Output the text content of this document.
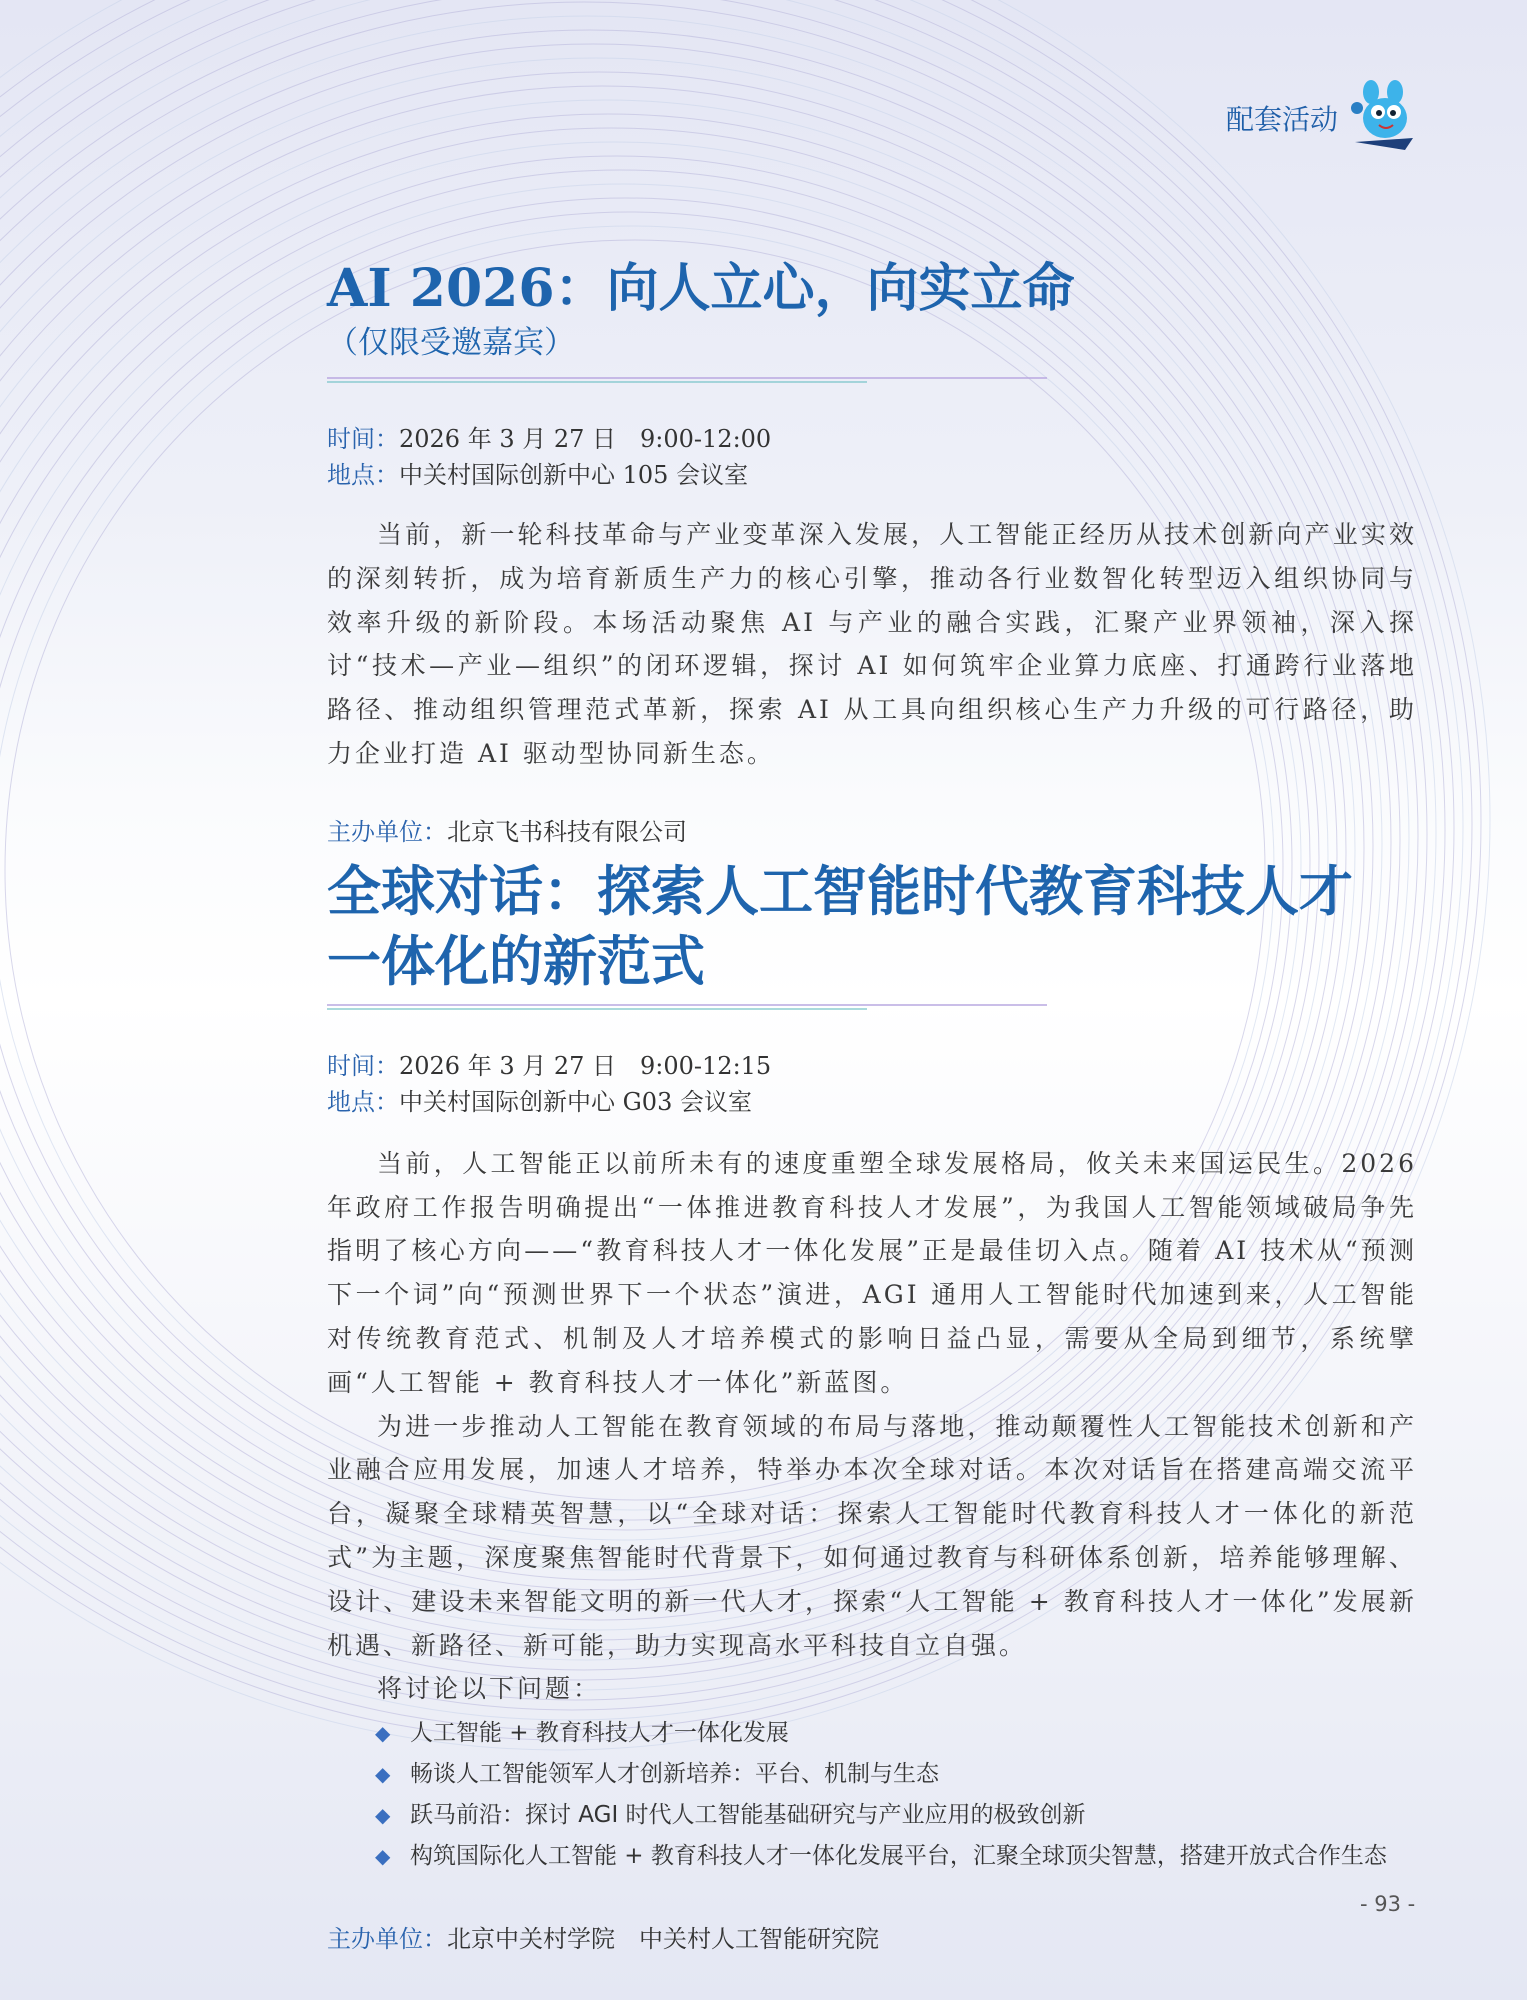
配套活动
AI 2026：向人立心，向实立命
（仅限受邀嘉宾）
时间：2026 年 3 月 27 日　9:00-12:00
地点：中关村国际创新中心 105 会议室
当前，新一轮科技革命与产业变革深入发展，人工智能正经历从技术创新向产业实效的深刻转折，成为培育新质生产力的核心引擎，推动各行业数智化转型迈入组织协同与效率升级的新阶段。本场活动聚焦 AI 与产业的融合实践，汇聚产业界领袖，深入探讨“技术—产业—组织”的闭环逻辑，探讨 AI 如何筑牢企业算力底座、打通跨行业落地路径、推动组织管理范式革新，探索 AI 从工具向组织核心生产力升级的可行路径，助力企业打造 AI 驱动型协同新生态。
主办单位：北京飞书科技有限公司
全球对话：探索人工智能时代教育科技人才
一体化的新范式
时间：2026 年 3 月 27 日　9:00-12:15
地点：中关村国际创新中心 G03 会议室
当前，人工智能正以前所未有的速度重塑全球发展格局，攸关未来国运民生。2026 年政府工作报告明确提出“一体推进教育科技人才发展”，为我国人工智能领域破局争先指明了核心方向——“教育科技人才一体化发展”正是最佳切入点。随着 AI 技术从“预测下一个词”向“预测世界下一个状态”演进，AGI 通用人工智能时代加速到来，人工智能对传统教育范式、机制及人才培养模式的影响日益凸显，需要从全局到细节，系统擘画“人工智能 + 教育科技人才一体化”新蓝图。
为进一步推动人工智能在教育领域的布局与落地，推动颠覆性人工智能技术创新和产业融合应用发展，加速人才培养，特举办本次全球对话。本次对话旨在搭建高端交流平台，凝聚全球精英智慧，以“全球对话：探索人工智能时代教育科技人才一体化的新范式”为主题，深度聚焦智能时代背景下，如何通过教育与科研体系创新，培养能够理解、设计、建设未来智能文明的新一代人才，探索“人工智能 + 教育科技人才一体化”发展新机遇、新路径、新可能，助力实现高水平科技自立自强。
将讨论以下问题：
◆ 人工智能 + 教育科技人才一体化发展
◆ 畅谈人工智能领军人才创新培养：平台、机制与生态
◆ 跃马前沿：探讨 AGI 时代人工智能基础研究与产业应用的极致创新
◆ 构筑国际化人工智能 + 教育科技人才一体化发展平台，汇聚全球顶尖智慧，搭建开放式合作生态
主办单位：北京中关村学院　中关村人工智能研究院
- 93 -
